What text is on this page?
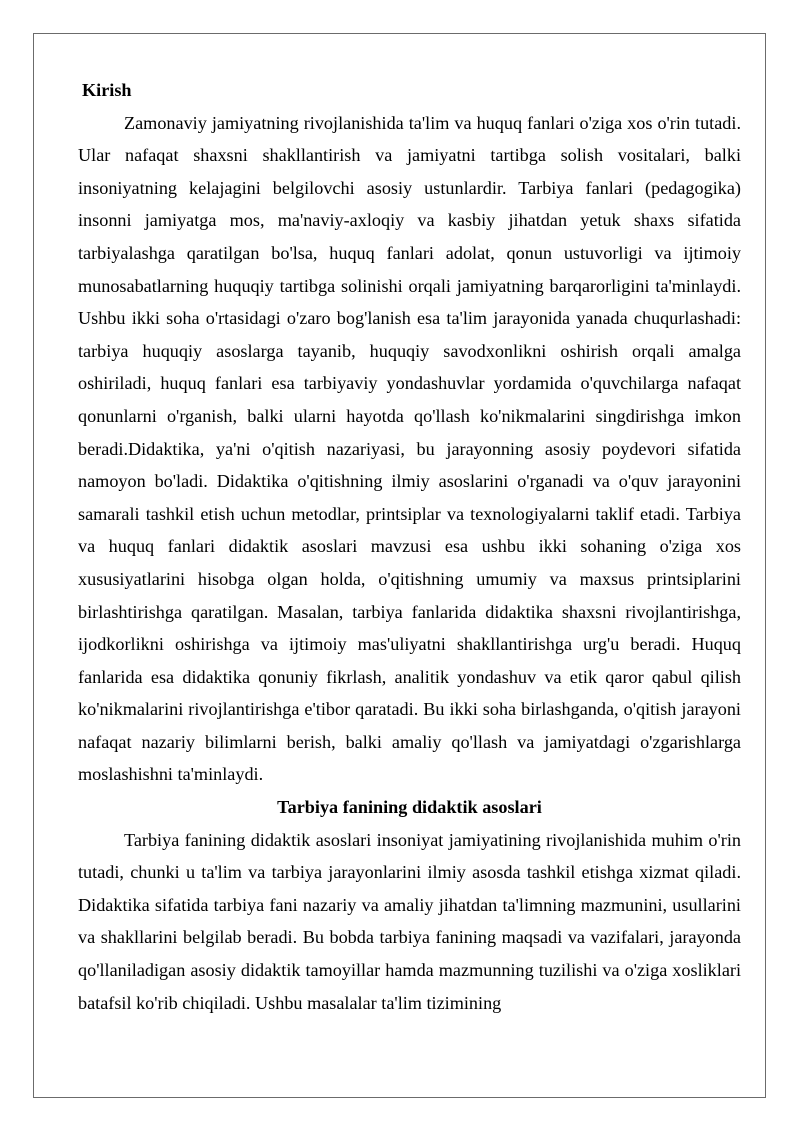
Kirish

Zamonaviy jamiyatning rivojlanishida ta'lim va huquq fanlari o'ziga xos o'rin tutadi. Ular nafaqat shaxsni shakllantirish va jamiyatni tartibga solish vositalari, balki insoniyatning kelajagini belgilovchi asosiy ustunlardir. Tarbiya fanlari (pedagogika) insonni jamiyatga mos, ma'naviy-axloqiy va kasbiy jihatdan yetuk shaxs sifatida tarbiyalashga qaratilgan bo'lsa, huquq fanlari adolat, qonun ustuvorligi va ijtimoiy munosabatlarning huquqiy tartibga solinishi orqali jamiyatning barqarorligini ta'minlaydi. Ushbu ikki soha o'rtasidagi o'zaro bog'lanish esa ta'lim jarayonida yanada chuqurlashadi: tarbiya huquqiy asoslarga tayanib, huquqiy savodxonlikni oshirish orqali amalga oshiriladi, huquq fanlari esa tarbiyaviy yondashuvlar yordamida o'quvchilarga nafaqat qonunlarni o'rganish, balki ularni hayotda qo'llash ko'nikmalarini singdirishga imkon beradi.Didaktika, ya'ni o'qitish nazariyasi, bu jarayonning asosiy poydevori sifatida namoyon bo'ladi. Didaktika o'qitishning ilmiy asoslarini o'rganadi va o'quv jarayonini samarali tashkil etish uchun metodlar, printsiplar va texnologiyalarni taklif etadi. Tarbiya va huquq fanlari didaktik asoslari mavzusi esa ushbu ikki sohaning o'ziga xos xususiyatlarini hisobga olgan holda, o'qitishning umumiy va maxsus printsiplarini birlashtirishga qaratilgan. Masalan, tarbiya fanlarida didaktika shaxsni rivojlantirishga, ijodkorlikni oshirishga va ijtimoiy mas'uliyatni shakllantirishga urg'u beradi. Huquq fanlarida esa didaktika qonuniy fikrlash, analitik yondashuv va etik qaror qabul qilish ko'nikmalarini rivojlantirishga e'tibor qaratadi. Bu ikki soha birlashganda, o'qitish jarayoni nafaqat nazariy bilimlarni berish, balki amaliy qo'llash va jamiyatdagi o'zgarishlarga moslashishni ta'minlaydi.

Tarbiya fanining didaktik asoslari

Tarbiya fanining didaktik asoslari insoniyat jamiyatining rivojlanishida muhim o'rin tutadi, chunki u ta'lim va tarbiya jarayonlarini ilmiy asosda tashkil etishga xizmat qiladi. Didaktika sifatida tarbiya fani nazariy va amaliy jihatdan ta'limning mazmunini, usullarini va shakllarini belgilab beradi. Bu bobda tarbiya fanining maqsadi va vazifalari, jarayonda qo'llaniladigan asosiy didaktik tamoyillar hamda mazmunning tuzilishi va o'ziga xosliklari batafsil ko'rib chiqiladi. Ushbu masalalar ta'lim tizimining
